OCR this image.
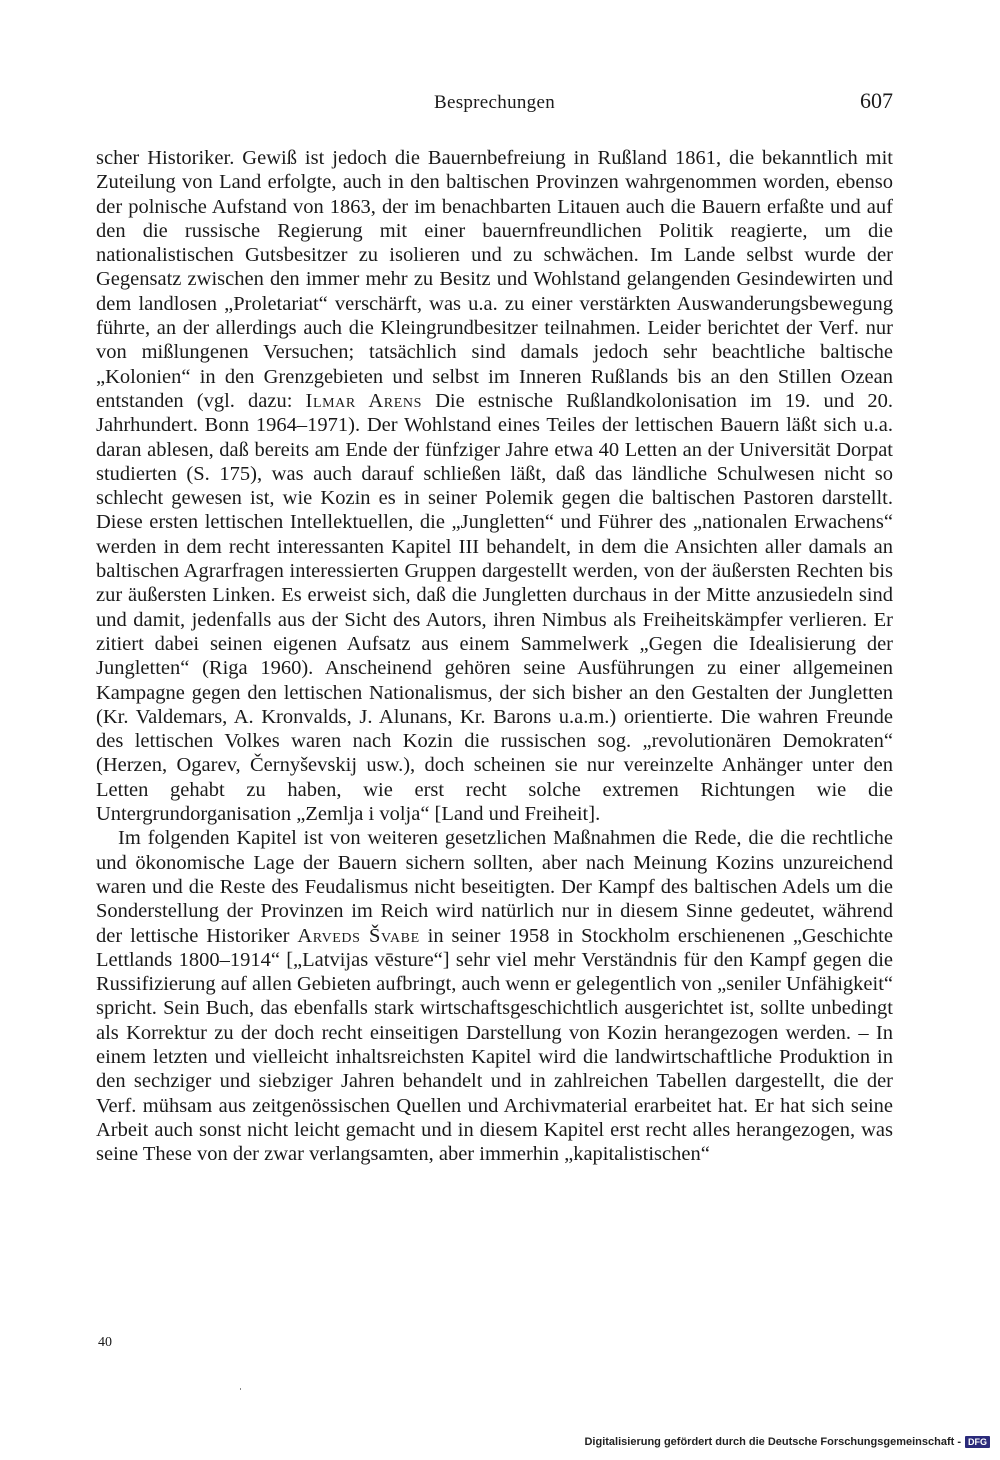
Besprechungen	607

scher Historiker. Gewiß ist jedoch die Bauernbefreiung in Rußland 1861, die bekanntlich mit Zuteilung von Land erfolgte, auch in den baltischen Provinzen wahrgenommen worden, ebenso der polnische Aufstand von 1863, der im benachbarten Litauen auch die Bauern erfaßte und auf den die russische Regierung mit einer bauernfreundlichen Politik reagierte, um die nationalistischen Gutsbesitzer zu isolieren und zu schwächen. Im Lande selbst wurde der Gegensatz zwischen den immer mehr zu Besitz und Wohlstand gelangenden Gesindewirten und dem landlosen „Proletariat“ verschärft, was u.a. zu einer verstärkten Auswanderungsbewegung führte, an der allerdings auch die Kleingrundbesitzer teilnahmen. Leider berichtet der Verf. nur von mißlungenen Versuchen; tatsächlich sind damals jedoch sehr beachtliche baltische „Kolonien“ in den Grenzgebieten und selbst im Inneren Rußlands bis an den Stillen Ozean entstanden (vgl. dazu: Ilmar Arens Die estnische Rußlandkolonisation im 19. und 20. Jahrhundert. Bonn 1964–1971). Der Wohlstand eines Teiles der lettischen Bauern läßt sich u.a. daran ablesen, daß bereits am Ende der fünfziger Jahre etwa 40 Letten an der Universität Dorpat studierten (S. 175), was auch darauf schließen läßt, daß das ländliche Schulwesen nicht so schlecht gewesen ist, wie Kozin es in seiner Polemik gegen die baltischen Pastoren darstellt. Diese ersten lettischen Intellektuellen, die „Jungletten“ und Führer des „nationalen Erwachens“ werden in dem recht interessanten Kapitel III behandelt, in dem die Ansichten aller damals an baltischen Agrarfragen interessierten Gruppen dargestellt werden, von der äußersten Rechten bis zur äußersten Linken. Es erweist sich, daß die Jungletten durchaus in der Mitte anzusiedeln sind und damit, jedenfalls aus der Sicht des Autors, ihren Nimbus als Freiheitskämpfer verlieren. Er zitiert dabei seinen eigenen Aufsatz aus einem Sammelwerk „Gegen die Idealisierung der Jungletten“ (Riga 1960). Anscheinend gehören seine Ausführungen zu einer allgemeinen Kampagne gegen den lettischen Nationalismus, der sich bisher an den Gestalten der Jungletten (Kr. Valdemars, A. Kronvalds, J. Alunans, Kr. Barons u.a.m.) orientierte. Die wahren Freunde des lettischen Volkes waren nach Kozin die russischen sog. „revolutionären Demokraten“ (Herzen, Ogarev, Černyševskij usw.), doch scheinen sie nur vereinzelte Anhänger unter den Letten gehabt zu haben, wie erst recht solche extremen Richtungen wie die Untergrundorganisation „Zemlja i volja“ [Land und Freiheit].

Im folgenden Kapitel ist von weiteren gesetzlichen Maßnahmen die Rede, die die rechtliche und ökonomische Lage der Bauern sichern sollten, aber nach Meinung Kozins unzureichend waren und die Reste des Feudalismus nicht beseitigten. Der Kampf des baltischen Adels um die Sonderstellung der Provinzen im Reich wird natürlich nur in diesem Sinne gedeutet, während der lettische Historiker Arveds Švabe in seiner 1958 in Stockholm erschienenen „Geschichte Lettlands 1800–1914“ [„Latvijas vēsture“] sehr viel mehr Verständnis für den Kampf gegen die Russifizierung auf allen Gebieten aufbringt, auch wenn er gelegentlich von „seniler Unfähigkeit“ spricht. Sein Buch, das ebenfalls stark wirtschaftsgeschichtlich ausgerichtet ist, sollte unbedingt als Korrektur zu der doch recht einseitigen Darstellung von Kozin herangezogen werden. – In einem letzten und vielleicht inhaltsreichsten Kapitel wird die landwirtschaftliche Produktion in den sechziger und siebziger Jahren behandelt und in zahlreichen Tabellen dargestellt, die der Verf. mühsam aus zeitgenössischen Quellen und Archivmaterial erarbeitet hat. Er hat sich seine Arbeit auch sonst nicht leicht gemacht und in diesem Kapitel erst recht alles herangezogen, was seine These von der zwar verlangsamten, aber immerhin „kapitalistischen“

40
Digitalisierung gefördert durch die Deutsche Forschungsgemeinschaft - DFG
